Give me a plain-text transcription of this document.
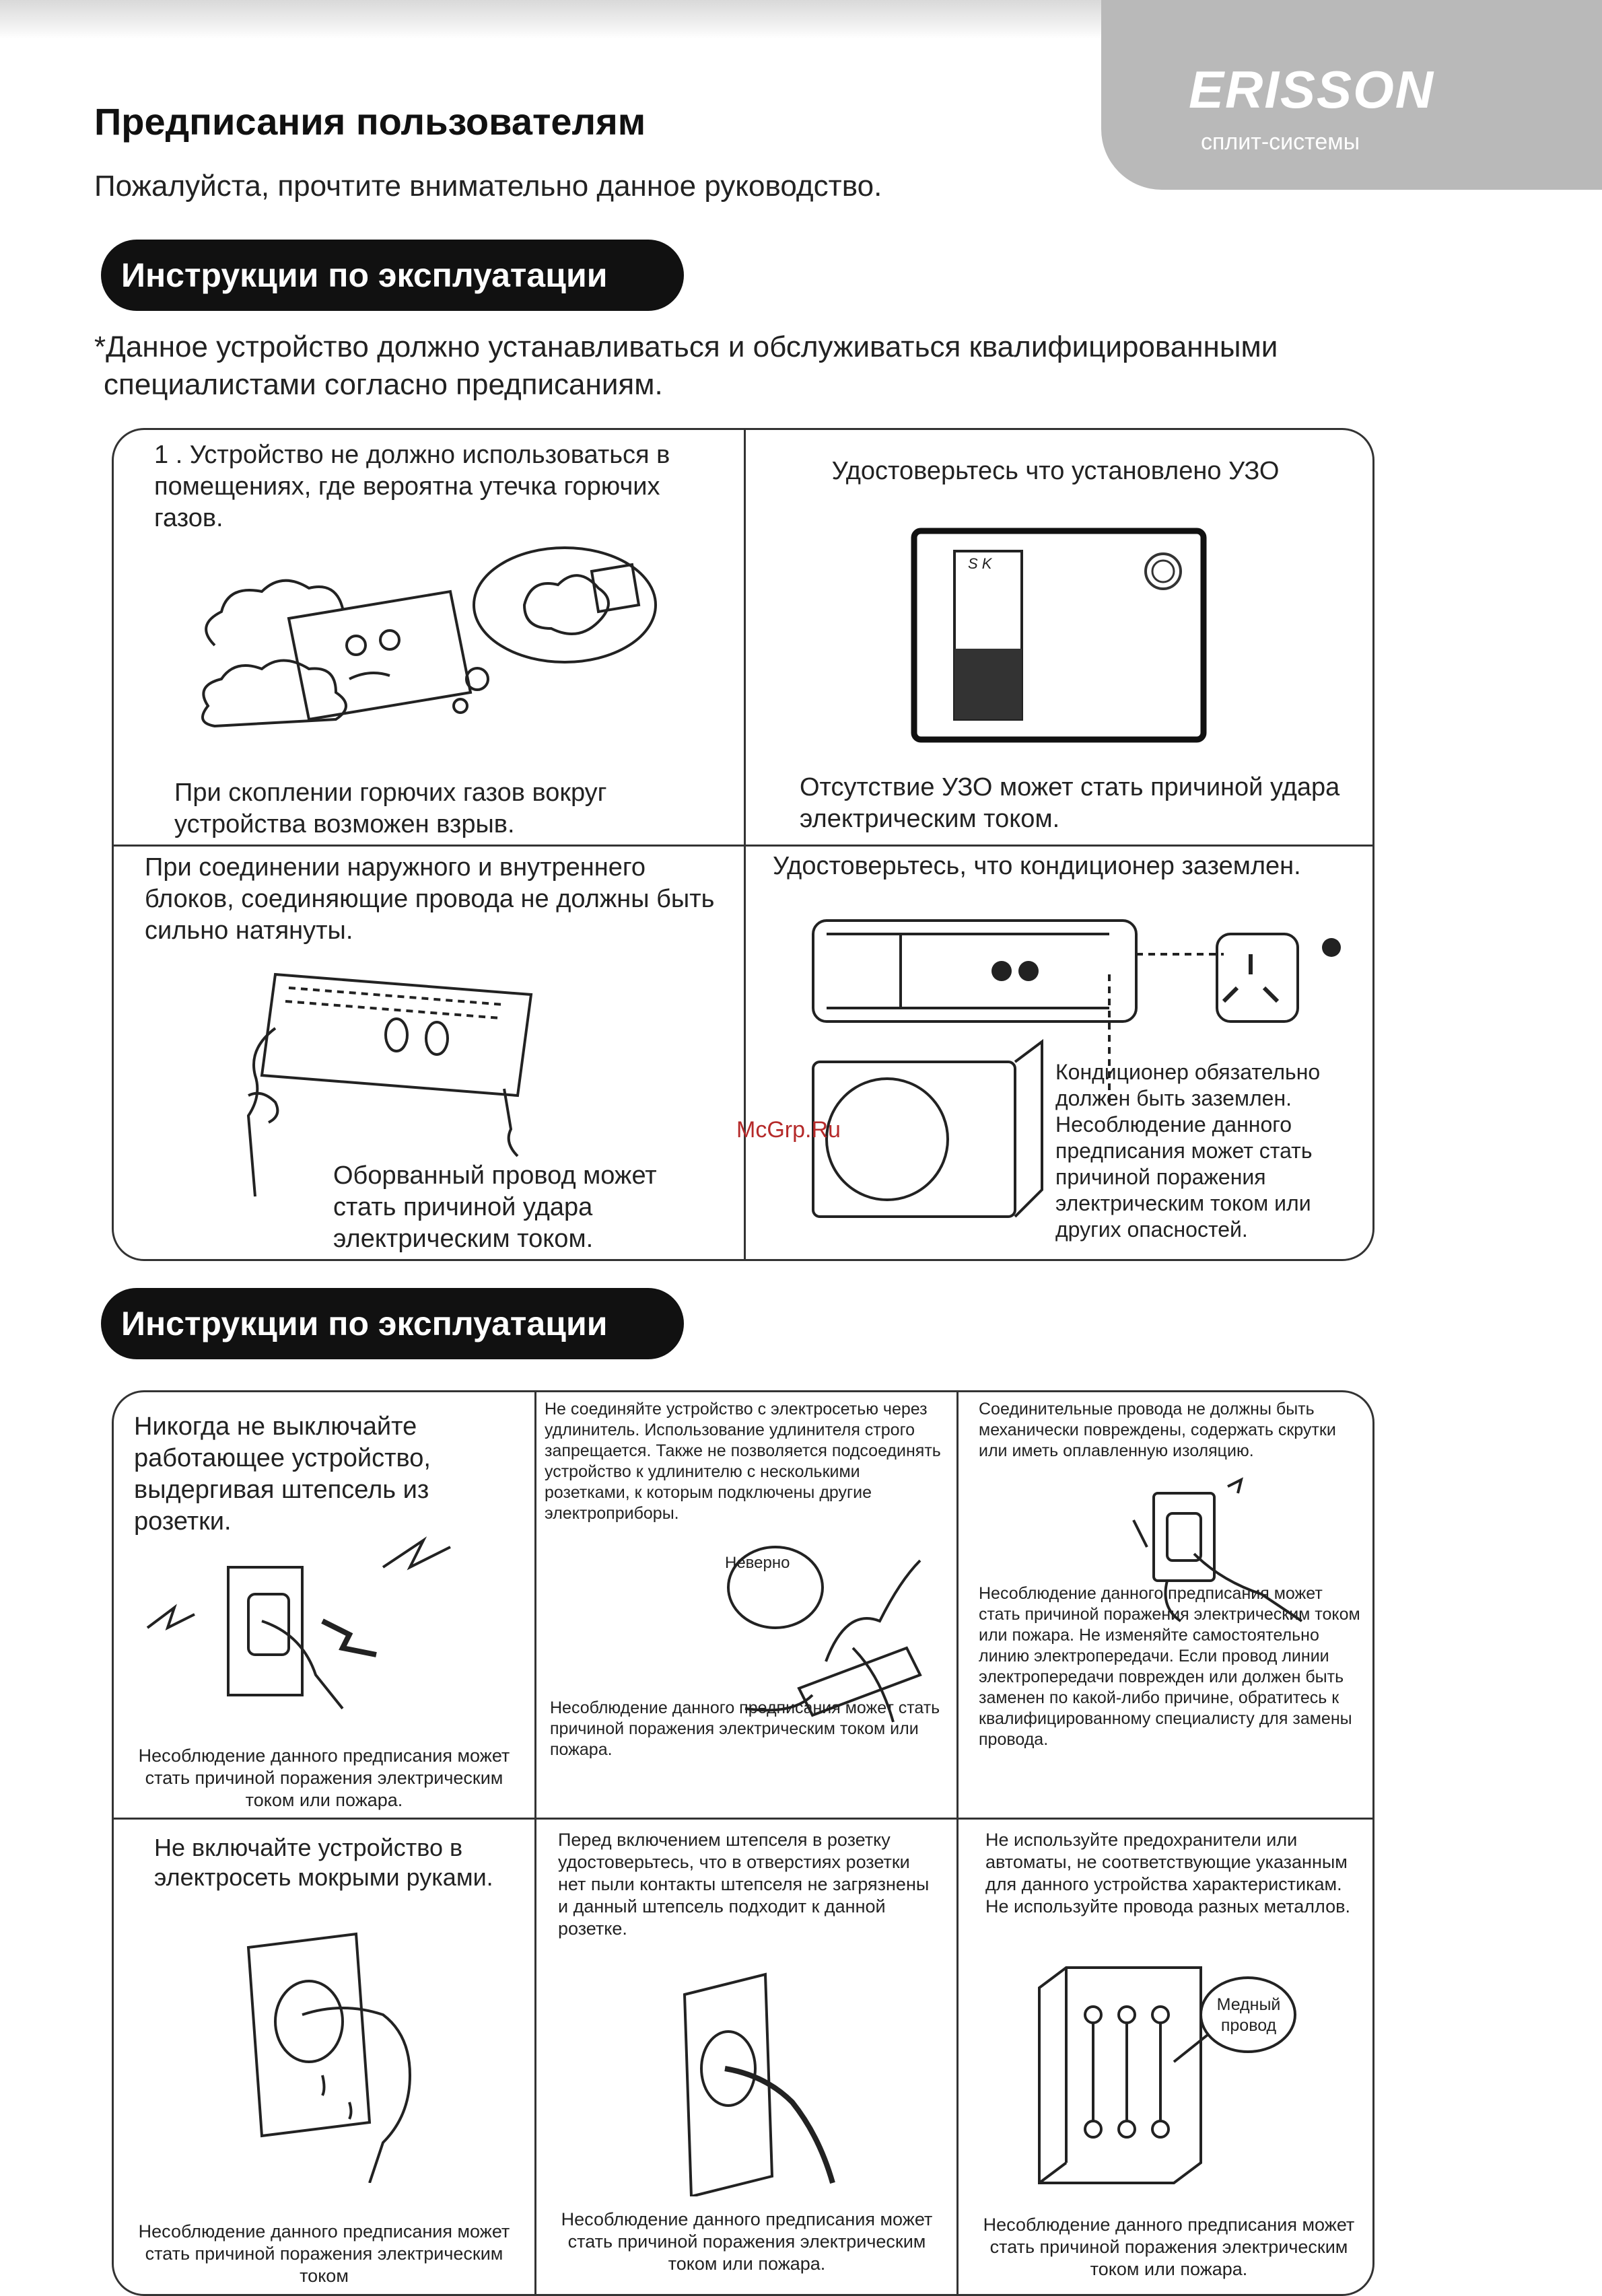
ERISSON
сплит-системы
Предписания пользователям
Пожалуйста, прочтите внимательно данное руководство.
Инструкции по эксплуатации
*Данное устройство должно устанавливаться и обслуживаться квалифицированными
специалистами согласно предписаниям.
1 . Устройство не должно использоваться в помещениях, где вероятна утечка горючих газов.
При скоплении горючих газов вокруг устройства возможен взрыв.
Удостоверьтесь что установлено УЗО
S K
Отсутствие УЗО может стать причиной удара электрическим током.
При соединении наружного и внутреннего блоков, соединяющие провода не должны быть сильно натянуты.
Оборванный провод может стать причиной удара электрическим током.
Удостоверьтесь, что кондиционер заземлен.
Кондиционер обязательно должен быть заземлен. Несоблюдение данного предписания может стать причиной поражения электрическим током или других опасностей.
McGrp.Ru
Инструкции по эксплуатации
Никогда не выключайте работающее устройство, выдергивая штепсель из розетки.
Несоблюдение данного предписания может стать причиной поражения электрическим током или пожара.
Не соединяйте устройство с электросетью через удлинитель. Использование удлинителя строго запрещается. Также не позволяется подсоединять устройство к удлинителю с несколькими розетками, к которым подключены другие электроприборы.
Неверно
Несоблюдение данного предписания может стать причиной поражения электрическим током или пожара.
Соединительные провода не должны быть механически повреждены, содержать скрутки или иметь оплавленную изоляцию.
Несоблюдение данного предписания может стать причиной поражения электрическим током или пожара. Не изменяйте самостоятельно линию электропередачи. Если провод линии электропередачи поврежден или должен быть заменен по какой-либо причине, обратитесь к квалифицированному специалисту для замены провода.
Не включайте устройство в электросеть мокрыми руками.
Несоблюдение данного предписания может стать причиной поражения электрическим током
Перед включением штепселя в розетку удостоверьтесь, что в отверстиях розетки нет пыли контакты штепселя не загрязнены и данный штепсель подходит к данной розетке.
Несоблюдение данного предписания может стать причиной поражения электрическим током или пожара.
Не используйте предохранители или автоматы, не соответствующие указанным для данного устройства характеристикам. Не используйте провода разных металлов.
Медный провод
Несоблюдение данного предписания может стать причиной поражения электрическим током или пожара.
